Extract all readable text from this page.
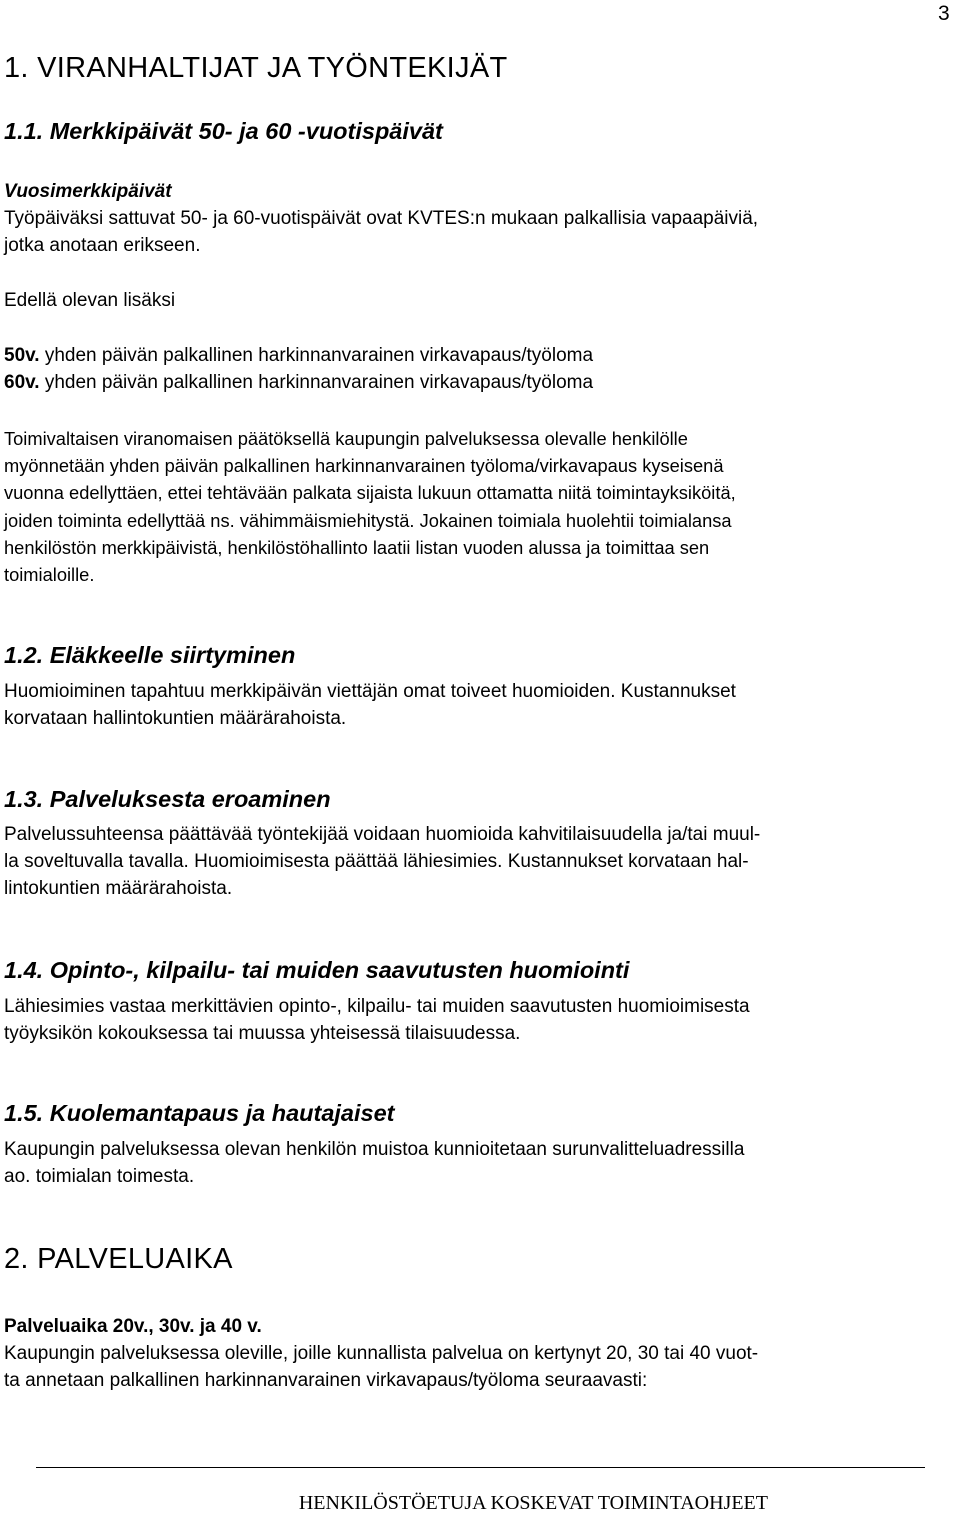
3
1. VIRANHALTIJAT JA TYÖNTEKIJÄT
1.1. Merkkipäivät 50- ja 60 -vuotispäivät
Vuosimerkkipäivät
Työpäiväksi sattuvat 50- ja 60-vuotispäivät ovat KVTES:n mukaan palkallisia vapaapäiviä,
jotka anotaan erikseen.
Edellä olevan lisäksi
50v. yhden päivän palkallinen harkinnanvarainen virkavapaus/työloma
60v. yhden päivän palkallinen harkinnanvarainen virkavapaus/työloma
Toimivaltaisen viranomaisen päätöksellä kaupungin palveluksessa olevalle henkilölle
myönnetään yhden päivän palkallinen harkinnanvarainen työloma/virkavapaus kyseisenä
vuonna edellyttäen, ettei tehtävään palkata sijaista lukuun ottamatta niitä toimintayksiköitä,
joiden toiminta edellyttää ns. vähimmäismiehitystä. Jokainen toimiala huolehtii toimialansa
henkilöstön merkkipäivistä, henkilöstöhallinto laatii listan vuoden alussa ja toimittaa sen
toimialoille.
1.2. Eläkkeelle siirtyminen
Huomioiminen tapahtuu merkkipäivän viettäjän omat toiveet huomioiden. Kustannukset
korvataan hallintokuntien määrärahoista.
1.3. Palveluksesta eroaminen
Palvelussuhteensa päättävää työntekijää voidaan huomioida kahvitilaisuudella ja/tai muul-
la soveltuvalla tavalla. Huomioimisesta päättää lähiesimies. Kustannukset korvataan hal-
lintokuntien määrärahoista.
1.4. Opinto-, kilpailu- tai muiden saavutusten huomiointi
Lähiesimies vastaa merkittävien opinto-, kilpailu- tai muiden saavutusten huomioimisesta
työyksikön kokouksessa tai muussa yhteisessä tilaisuudessa.
1.5. Kuolemantapaus ja hautajaiset
Kaupungin palveluksessa olevan henkilön muistoa kunnioitetaan surunvalitteluadressilla
ao. toimialan toimesta.
2. PALVELUAIKA
Palveluaika 20v., 30v. ja 40 v.
Kaupungin palveluksessa oleville, joille kunnallista palvelua on kertynyt 20, 30 tai 40 vuot-
ta annetaan palkallinen harkinnanvarainen virkavapaus/työloma seuraavasti:
HENKILÖSTÖETUJA KOSKEVAT TOIMINTAOHJEET
